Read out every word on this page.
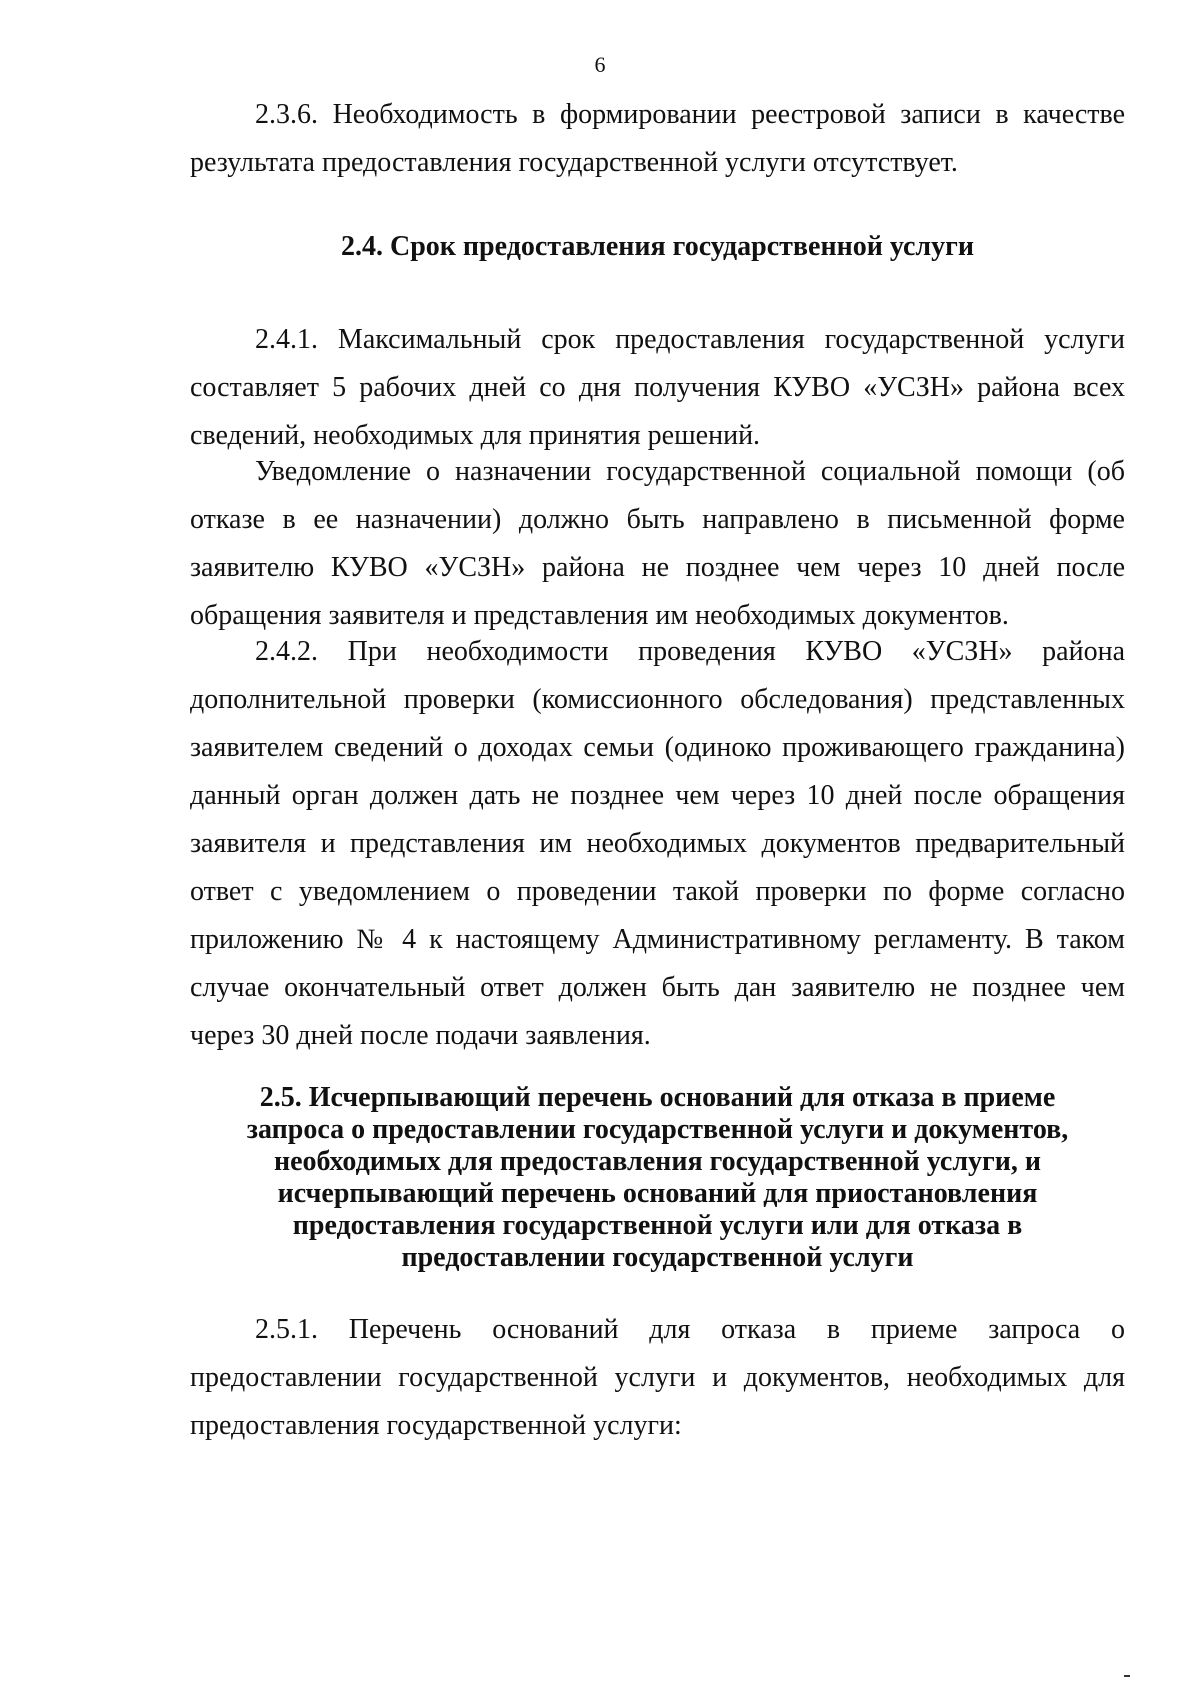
6

2.3.6. Необходимость в формировании реестровой записи в качестве результата предоставления государственной услуги отсутствует.

2.4. Срок предоставления государственной услуги

2.4.1. Максимальный срок предоставления государственной услуги составляет 5 рабочих дней со дня получения КУВО «УСЗН» района всех сведений, необходимых для принятия решений.

Уведомление о назначении государственной социальной помощи (об отказе в ее назначении) должно быть направлено в письменной форме заявителю КУВО «УСЗН» района не позднее чем через 10 дней после обращения заявителя и представления им необходимых документов.

2.4.2. При необходимости проведения КУВО «УСЗН» района дополнительной проверки (комиссионного обследования) представленных заявителем сведений о доходах семьи (одиноко проживающего гражданина) данный орган должен дать не позднее чем через 10 дней после обращения заявителя и представления им необходимых документов предварительный ответ с уведомлением о проведении такой проверки по форме согласно приложению № 4 к настоящему Административному регламенту. В таком случае окончательный ответ должен быть дан заявителю не позднее чем через 30 дней после подачи заявления.

2.5. Исчерпывающий перечень оснований для отказа в приеме
запроса о предоставлении государственной услуги и документов,
необходимых для предоставления государственной услуги, и
исчерпывающий перечень оснований для приостановления
предоставления государственной услуги или для отказа в
предоставлении государственной услуги

2.5.1. Перечень оснований для отказа в приеме запроса о предоставлении государственной услуги и документов, необходимых для предоставления государственной услуги:
